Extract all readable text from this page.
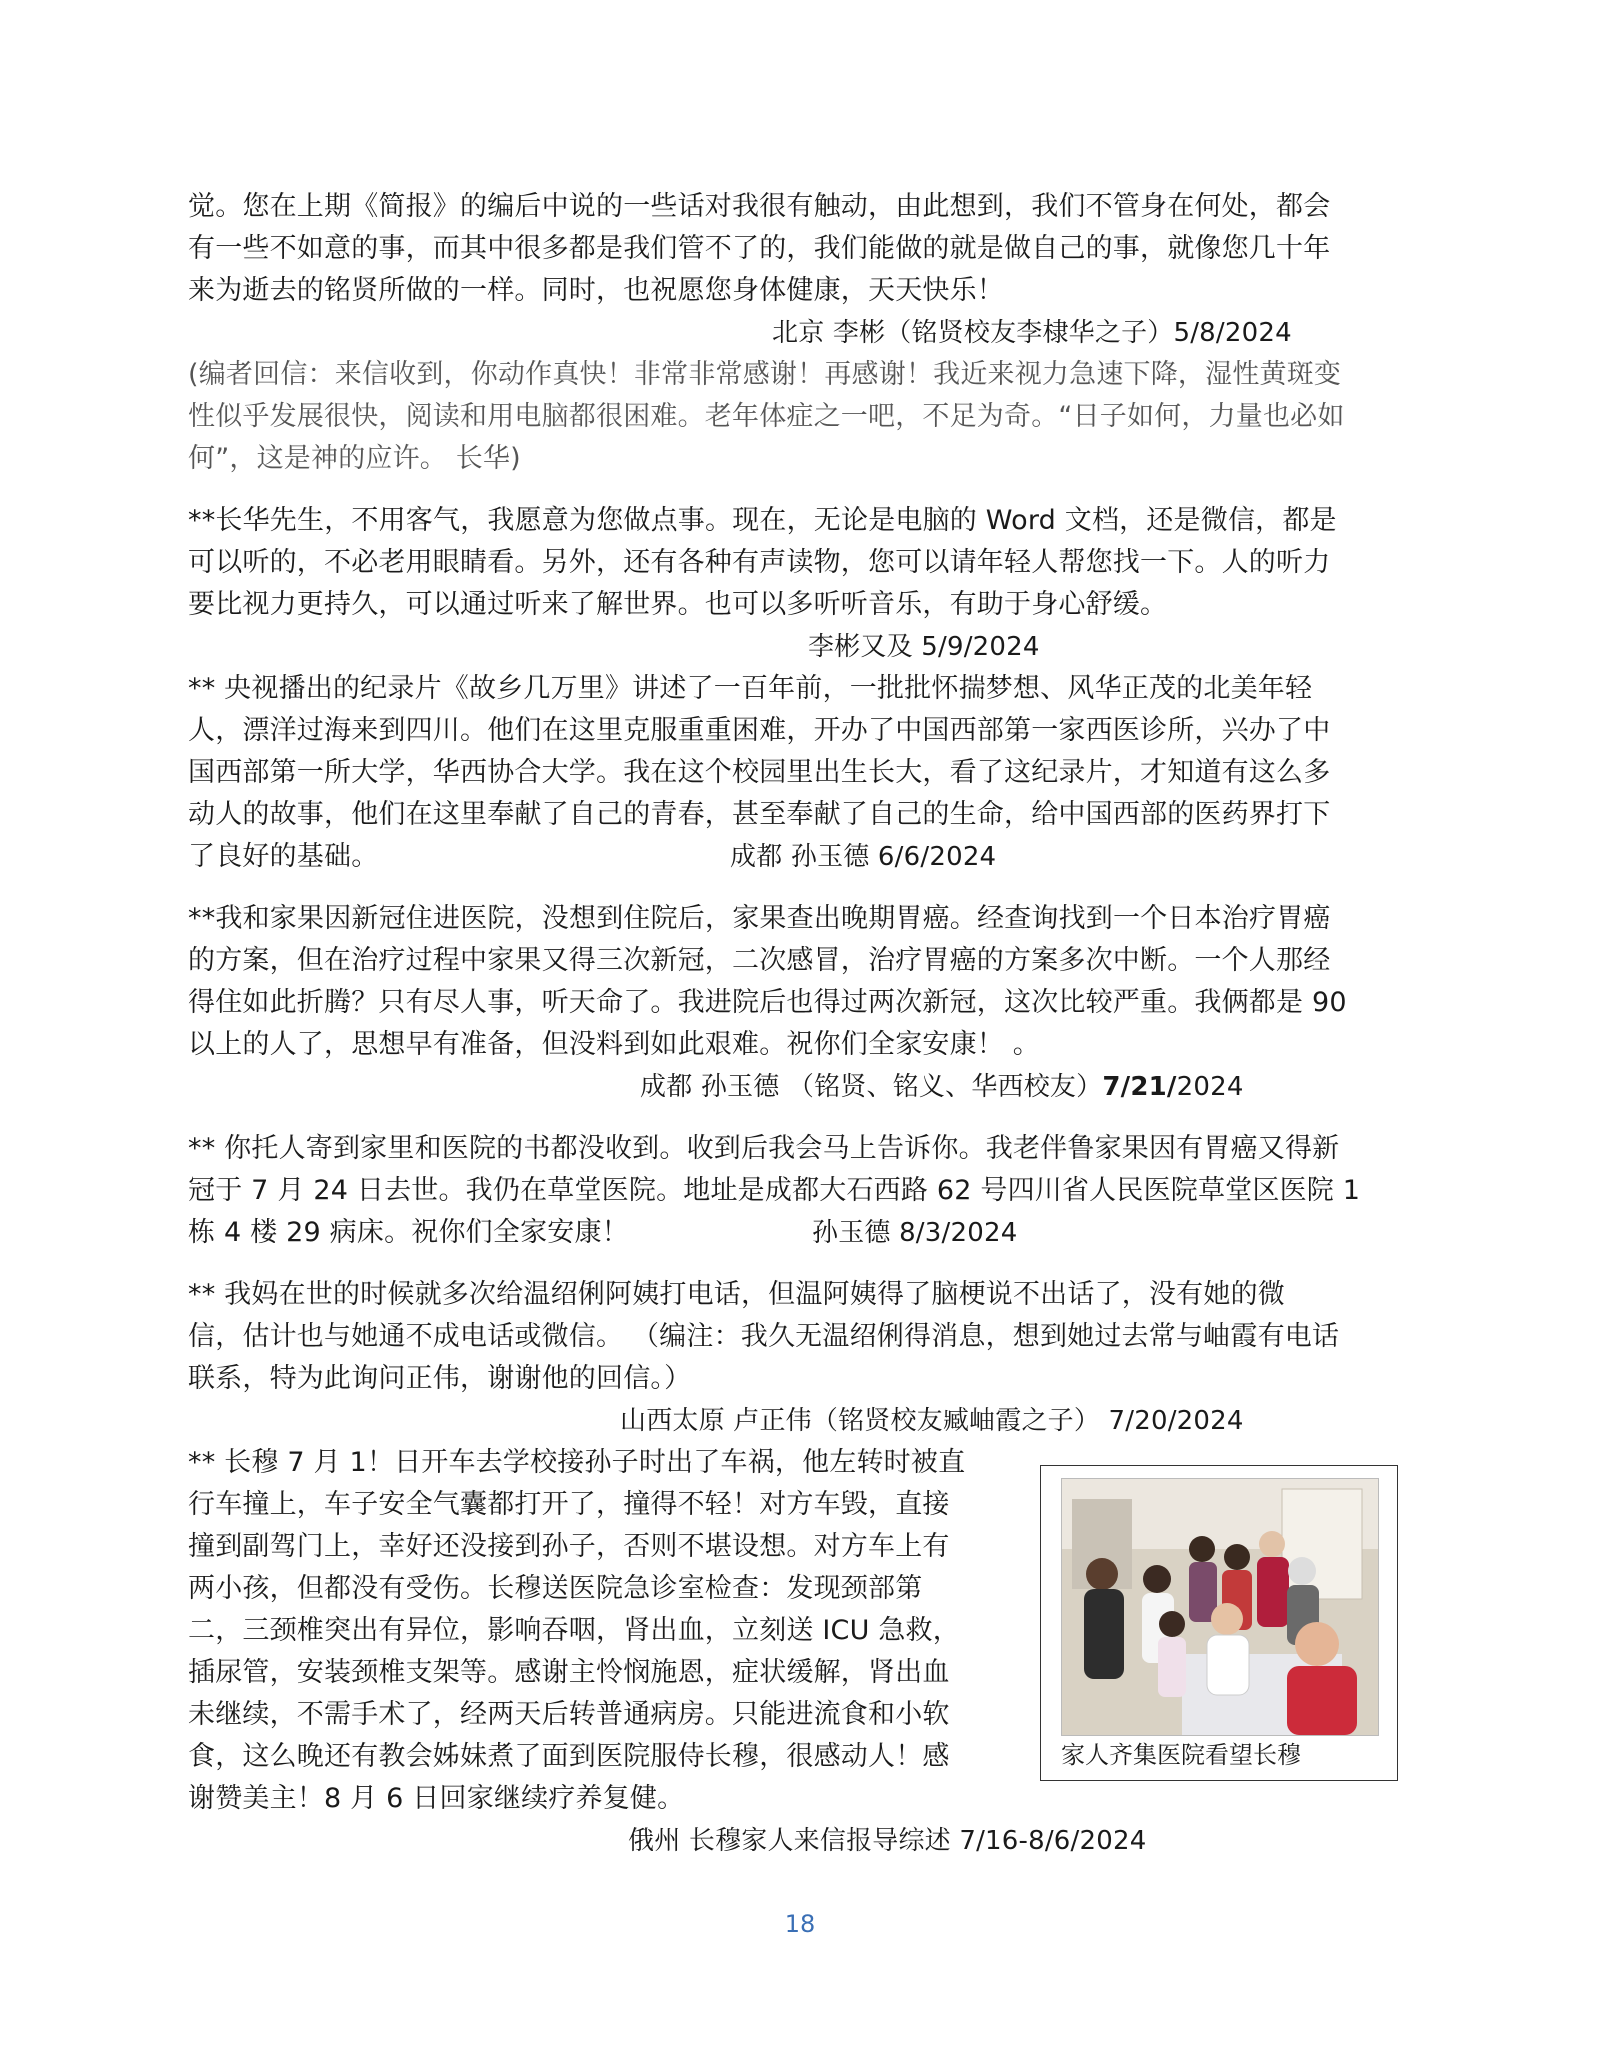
觉。您在上期《简报》的编后中说的一些话对我很有触动，由此想到，我们不管身在何处，都会
有一些不如意的事，而其中很多都是我们管不了的，我们能做的就是做自己的事，就像您几十年
来为逝去的铭贤所做的一样。同时，也祝愿您身体健康，天天快乐！
北京 李彬（铭贤校友李棣华之子）5/8/2024
(编者回信：来信收到，你动作真快！非常非常感谢！再感谢！我近来视力急速下降，湿性黄斑变
性似乎发展很快，阅读和用电脑都很困难。老年体症之一吧，不足为奇。“日子如何，力量也必如
何”，这是神的应许。 长华)
**长华先生，不用客气，我愿意为您做点事。现在，无论是电脑的 Word 文档，还是微信，都是
可以听的，不必老用眼睛看。另外，还有各种有声读物，您可以请年轻人帮您找一下。人的听力
要比视力更持久，可以通过听来了解世界。也可以多听听音乐，有助于身心舒缓。
李彬又及 5/9/2024
** 央视播出的纪录片《故乡几万里》讲述了一百年前，一批批怀揣梦想、风华正茂的北美年轻
人，漂洋过海来到四川。他们在这里克服重重困难，开办了中国西部第一家西医诊所，兴办了中
国西部第一所大学，华西协合大学。我在这个校园里出生长大，看了这纪录片，才知道有这么多
动人的故事，他们在这里奉献了自己的青春，甚至奉献了自己的生命，给中国西部的医药界打下
了良好的基础。	成都 孙玉德 6/6/2024
**我和家果因新冠住进医院，没想到住院后，家果查出晚期胃癌。经查询找到一个日本治疗胃癌
的方案，但在治疗过程中家果又得三次新冠，二次感冒，治疗胃癌的方案多次中断。一个人那经
得住如此折腾？只有尽人事，听天命了。我进院后也得过两次新冠，这次比较严重。我俩都是 90
以上的人了，思想早有准备，但没料到如此艰难。祝你们全家安康！ 。
成都 孙玉德 （铭贤、铭义、华西校友）7/21/2024
** 你托人寄到家里和医院的书都没收到。收到后我会马上告诉你。我老伴鲁家果因有胃癌又得新
冠于 7 月 24 日去世。我仍在草堂医院。地址是成都大石西路 62 号四川省人民医院草堂区医院 1
栋 4 楼 29 病床。祝你们全家安康！	孙玉德 8/3/2024
** 我妈在世的时候就多次给温绍俐阿姨打电话，但温阿姨得了脑梗说不出话了，没有她的微
信，估计也与她通不成电话或微信。 （编注：我久无温绍俐得消息，想到她过去常与岫霞有电话
联系，特为此询问正伟，谢谢他的回信。）
山西太原 卢正伟（铭贤校友臧岫霞之子） 7/20/2024
** 长穆 7 月 1！日开车去学校接孙子时出了车祸，他左转时被直
行车撞上，车子安全气囊都打开了，撞得不轻！对方车毁，直接
撞到副驾门上，幸好还没接到孙子，否则不堪设想。对方车上有
两小孩，但都没有受伤。长穆送医院急诊室检查：发现颈部第
二，三颈椎突出有异位，影响吞咽，肾出血，立刻送 ICU 急救，
插尿管，安装颈椎支架等。感谢主怜悯施恩，症状缓解，肾出血
未继续，不需手术了，经两天后转普通病房。只能进流食和小软
食，这么晚还有教会姊妹煮了面到医院服侍长穆，很感动人！感
谢赞美主！8 月 6 日回家继续疗养复健。
俄州 长穆家人来信报导综述 7/16-8/6/2024
家人齐集医院看望长穆
18
